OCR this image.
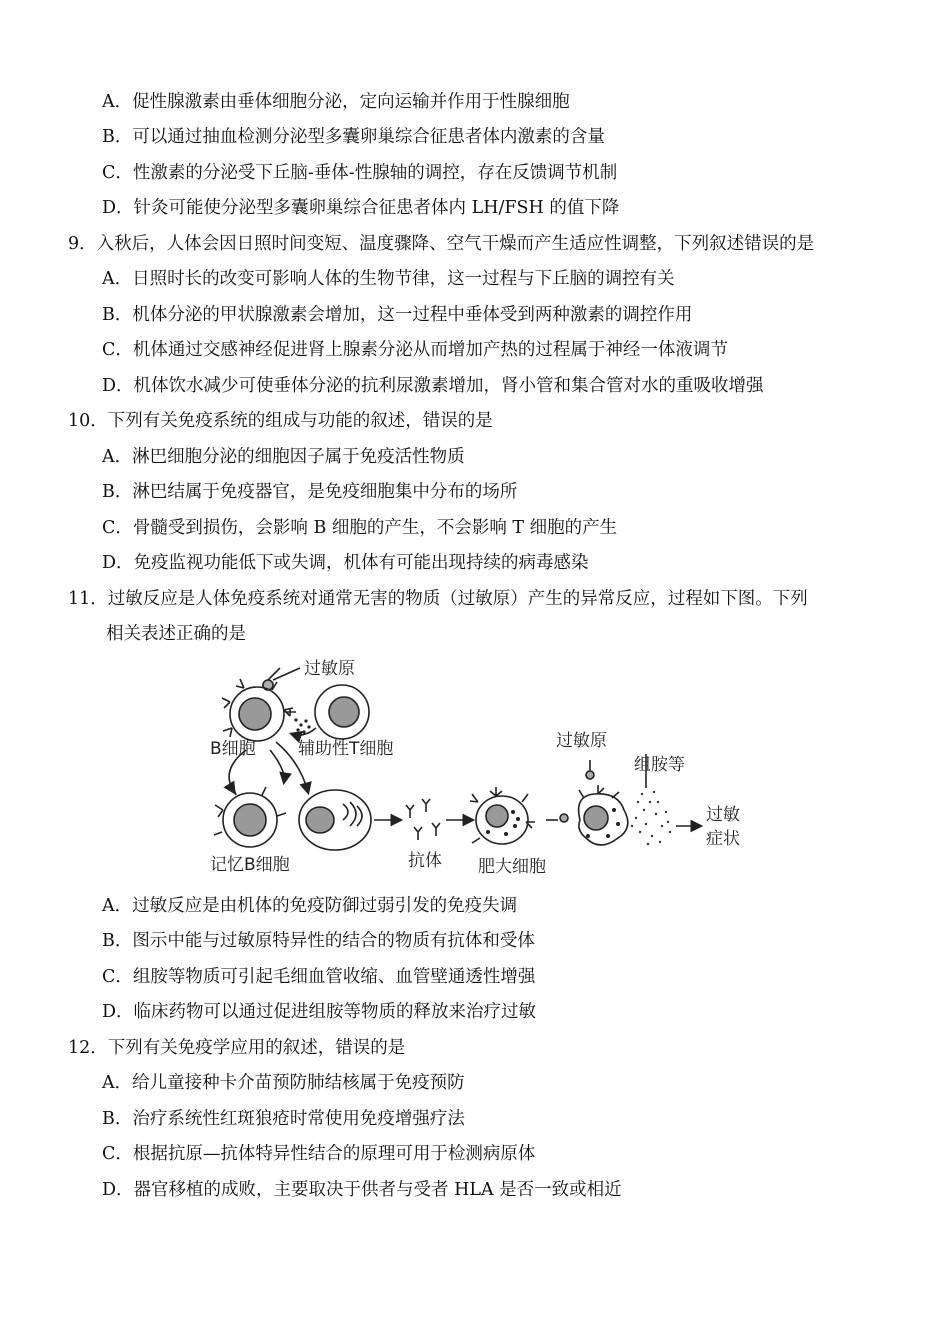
A．促性腺激素由垂体细胞分泌，定向运输并作用于性腺细胞
B．可以通过抽血检测分泌型多囊卵巢综合征患者体内激素的含量
C．性激素的分泌受下丘脑-垂体-性腺轴的调控，存在反馈调节机制
D．针灸可能使分泌型多囊卵巢综合征患者体内 LH/FSH 的值下降
9．入秋后，人体会因日照时间变短、温度骤降、空气干燥而产生适应性调整，下列叙述错误的是
A．日照时长的改变可影响人体的生物节律，这一过程与下丘脑的调控有关
B．机体分泌的甲状腺激素会增加，这一过程中垂体受到两种激素的调控作用
C．机体通过交感神经促进肾上腺素分泌从而增加产热的过程属于神经一体液调节
D．机体饮水减少可使垂体分泌的抗利尿激素增加，肾小管和集合管对水的重吸收增强
10．下列有关免疫系统的组成与功能的叙述，错误的是
A．淋巴细胞分泌的细胞因子属于免疫活性物质
B．淋巴结属于免疫器官，是免疫细胞集中分布的场所
C．骨髓受到损伤，会影响 B 细胞的产生，不会影响 T 细胞的产生
D．免疫监视功能低下或失调，机体有可能出现持续的病毒感染
11．过敏反应是人体免疫系统对通常无害的物质（过敏原）产生的异常反应，过程如下图。下列
相关表述正确的是
过敏原
辅助性T细胞
B细胞
记忆B细胞	抗体 肥大细胞
过敏原
组胺等
过敏
症状
A．过敏反应是由机体的免疫防御过弱引发的免疫失调
B．图示中能与过敏原特异性的结合的物质有抗体和受体
C．组胺等物质可引起毛细血管收缩、血管壁通透性增强
D．临床药物可以通过促进组胺等物质的释放来治疗过敏
12．下列有关免疫学应用的叙述，错误的是
A．给儿童接种卡介苗预防肺结核属于免疫预防
B．治疗系统性红斑狼疮时常使用免疫增强疗法
C．根据抗原—抗体特异性结合的原理可用于检测病原体
D．器官移植的成败，主要取决于供者与受者 HLA 是否一致或相近
